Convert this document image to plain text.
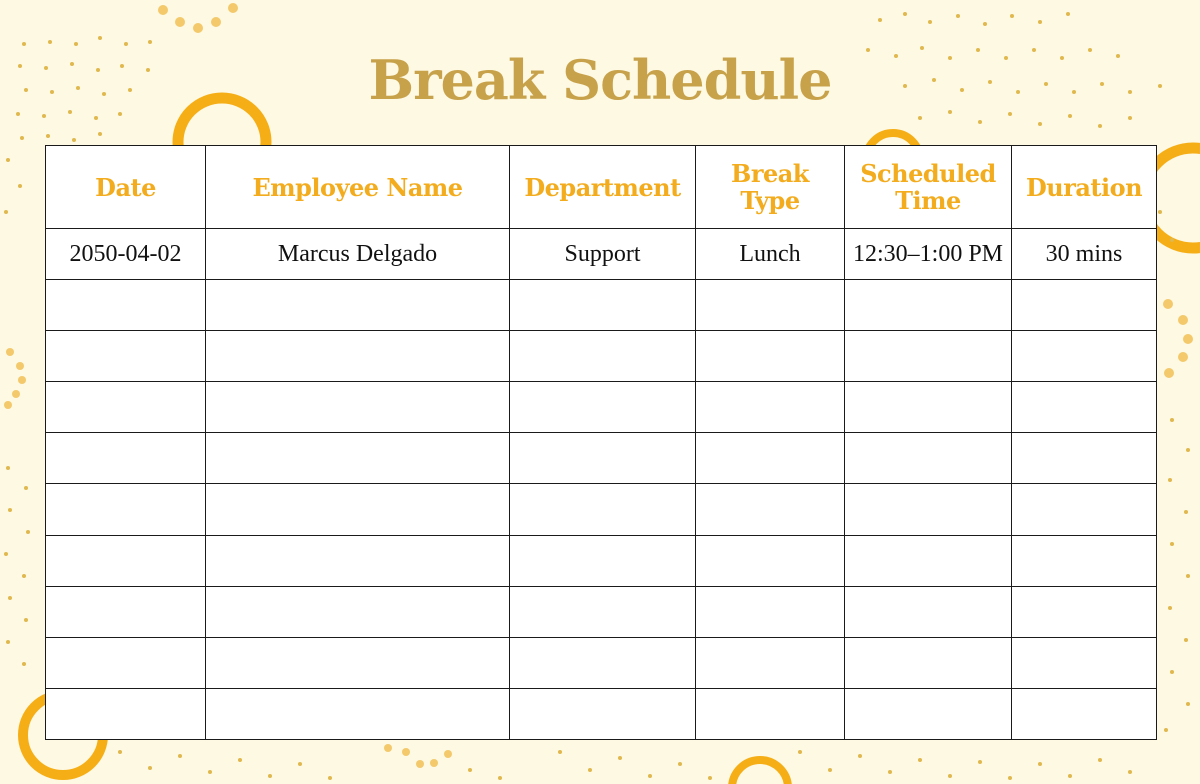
Break Schedule
Date	Employee Name	Department	Break Type	Scheduled Time	Duration
2050-04-02	Marcus Delgado	Support	Lunch	12:30–1:00 PM	30 mins
